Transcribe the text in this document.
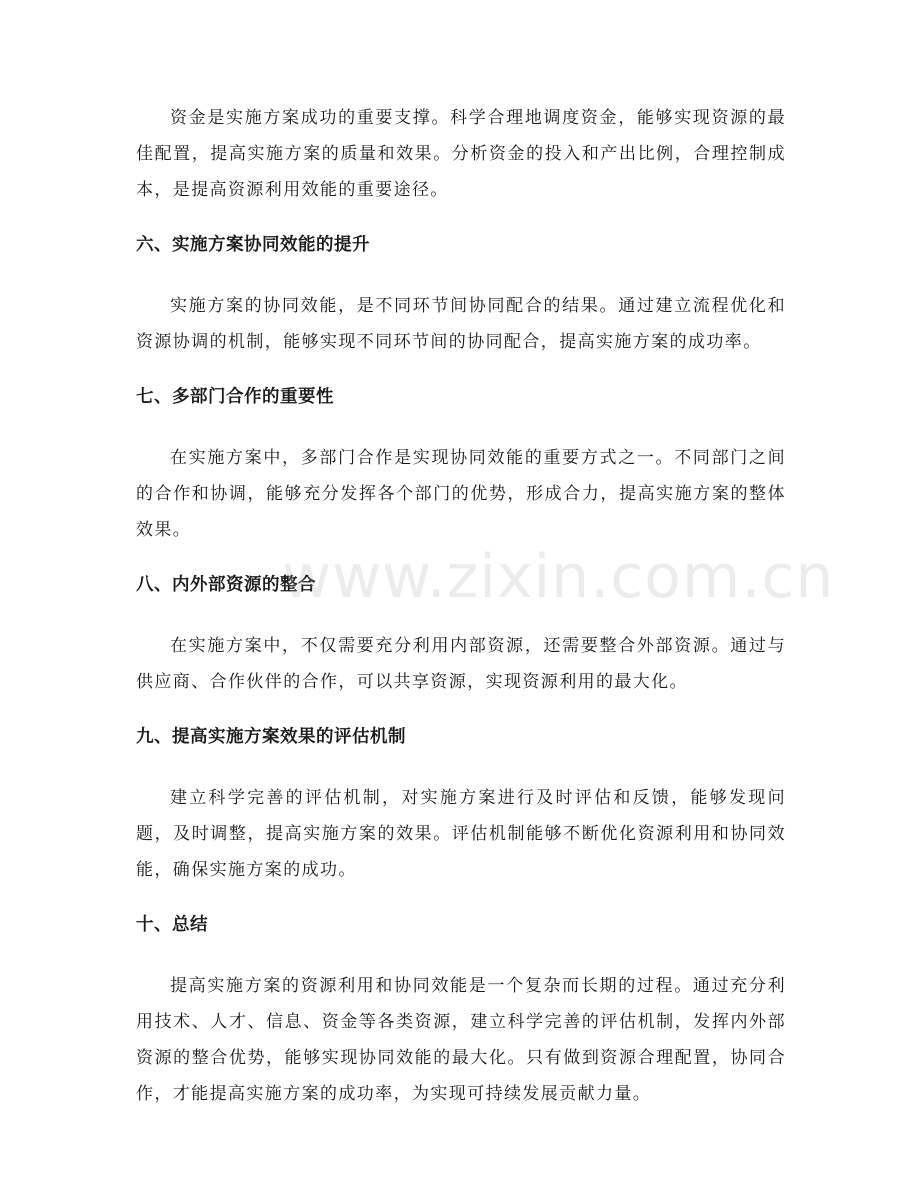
资金是实施方案成功的重要支撑。科学合理地调度资金，能够实现资源的最佳配置，提高实施方案的质量和效果。分析资金的投入和产出比例，合理控制成本，是提高资源利用效能的重要途径。

六、实施方案协同效能的提升

实施方案的协同效能，是不同环节间协同配合的结果。通过建立流程优化和资源协调的机制，能够实现不同环节间的协同配合，提高实施方案的成功率。

七、多部门合作的重要性

在实施方案中，多部门合作是实现协同效能的重要方式之一。不同部门之间的合作和协调，能够充分发挥各个部门的优势，形成合力，提高实施方案的整体效果。

八、内外部资源的整合

在实施方案中，不仅需要充分利用内部资源，还需要整合外部资源。通过与供应商、合作伙伴的合作，可以共享资源，实现资源利用的最大化。

九、提高实施方案效果的评估机制

建立科学完善的评估机制，对实施方案进行及时评估和反馈，能够发现问题，及时调整，提高实施方案的效果。评估机制能够不断优化资源利用和协同效能，确保实施方案的成功。

十、总结

提高实施方案的资源利用和协同效能是一个复杂而长期的过程。通过充分利用技术、人才、信息、资金等各类资源，建立科学完善的评估机制，发挥内外部资源的整合优势，能够实现协同效能的最大化。只有做到资源合理配置，协同合作，才能提高实施方案的成功率，为实现可持续发展贡献力量。

www.zixin.com.cn
